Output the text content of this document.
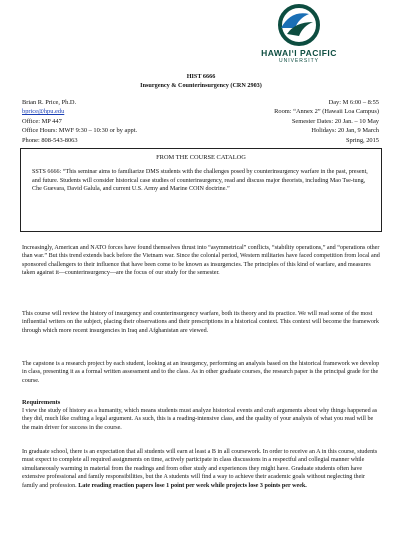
HAWAI‘I PACIFIC
UNIVERSITY
HIST 6666
Insurgency & Counterinsurgency (CRN 2903)
Brian R. Price, Ph.D.
bprice@hpu.edu
Office: MP 447
Office Hours: MWF 9:30 – 10:30 or by appt.
Phone: 808-543-8063
Day: M 6:00 – 8:55
Room: “Annex 2” (Hawaii Loa Campus)
Semester Dates: 20 Jan. – 10 May
Holidays: 20 Jan, 9 March
Spring, 2015
FROM THE COURSE CATALOG
SSTS 6666: “This seminar aims to familiarize DMS students with the challenges posed by counterinsurgency warfare in the past, present, and future. Students will consider historical case studies of counterinsurgency, read and discuss major theorists, including Mao Tse-tung, Che Guevara, David Galula, and current U.S. Army and Marine COIN doctrine.”
Increasingly, American and NATO forces have found themselves thrust into “asymmetrical” conflicts, “stability operations,” and “operations other than war.” But this trend extends back before the Vietnam war. Since the colonial period, Western militaries have faced competition from local and sponsored challengers to their influence that have been come to be known as insurgencies. The principles of this kind of warfare, and measures taken against it—counterinsurgency—are the focus of our study for the semester.
This course will review the history of insurgency and counterinsurgency warfare, both its theory and its practice. We will read some of the most influential writers on the subject, placing their observations and their prescriptions in a historical context. This context will become the framework through which more recent insurgencies in Iraq and Afghanistan are viewed.
The capstone is a research project by each student, looking at an insurgency, performing an analysis based on the historical framework we develop in class, presenting it as a formal written assessment and to the class. As in other graduate courses, the research paper is the principal grade for the course.
Requirements
I view the study of history as a humanity, which means students must analyze historical events and craft arguments about why things happened as they did, much like crafting a legal argument. As such, this is a reading-intensive class, and the quality of your analysis of what you read will be the main driver for success in the course.
In graduate school, there is an expectation that all students will earn at least a B in all coursework. In order to receive an A in this course, students must expect to complete all required assignments on time, actively participate in class discussions in a respectful and collegial manner while simultaneously warming in material from the readings and from other study and experiences they might have. Graduate students often have extensive professional and family responsibilities, but the A students will find a way to achieve their academic goals without neglecting their family and profession. Late reading reaction papers lose 1 point per week while projects lose 3 points per week.
